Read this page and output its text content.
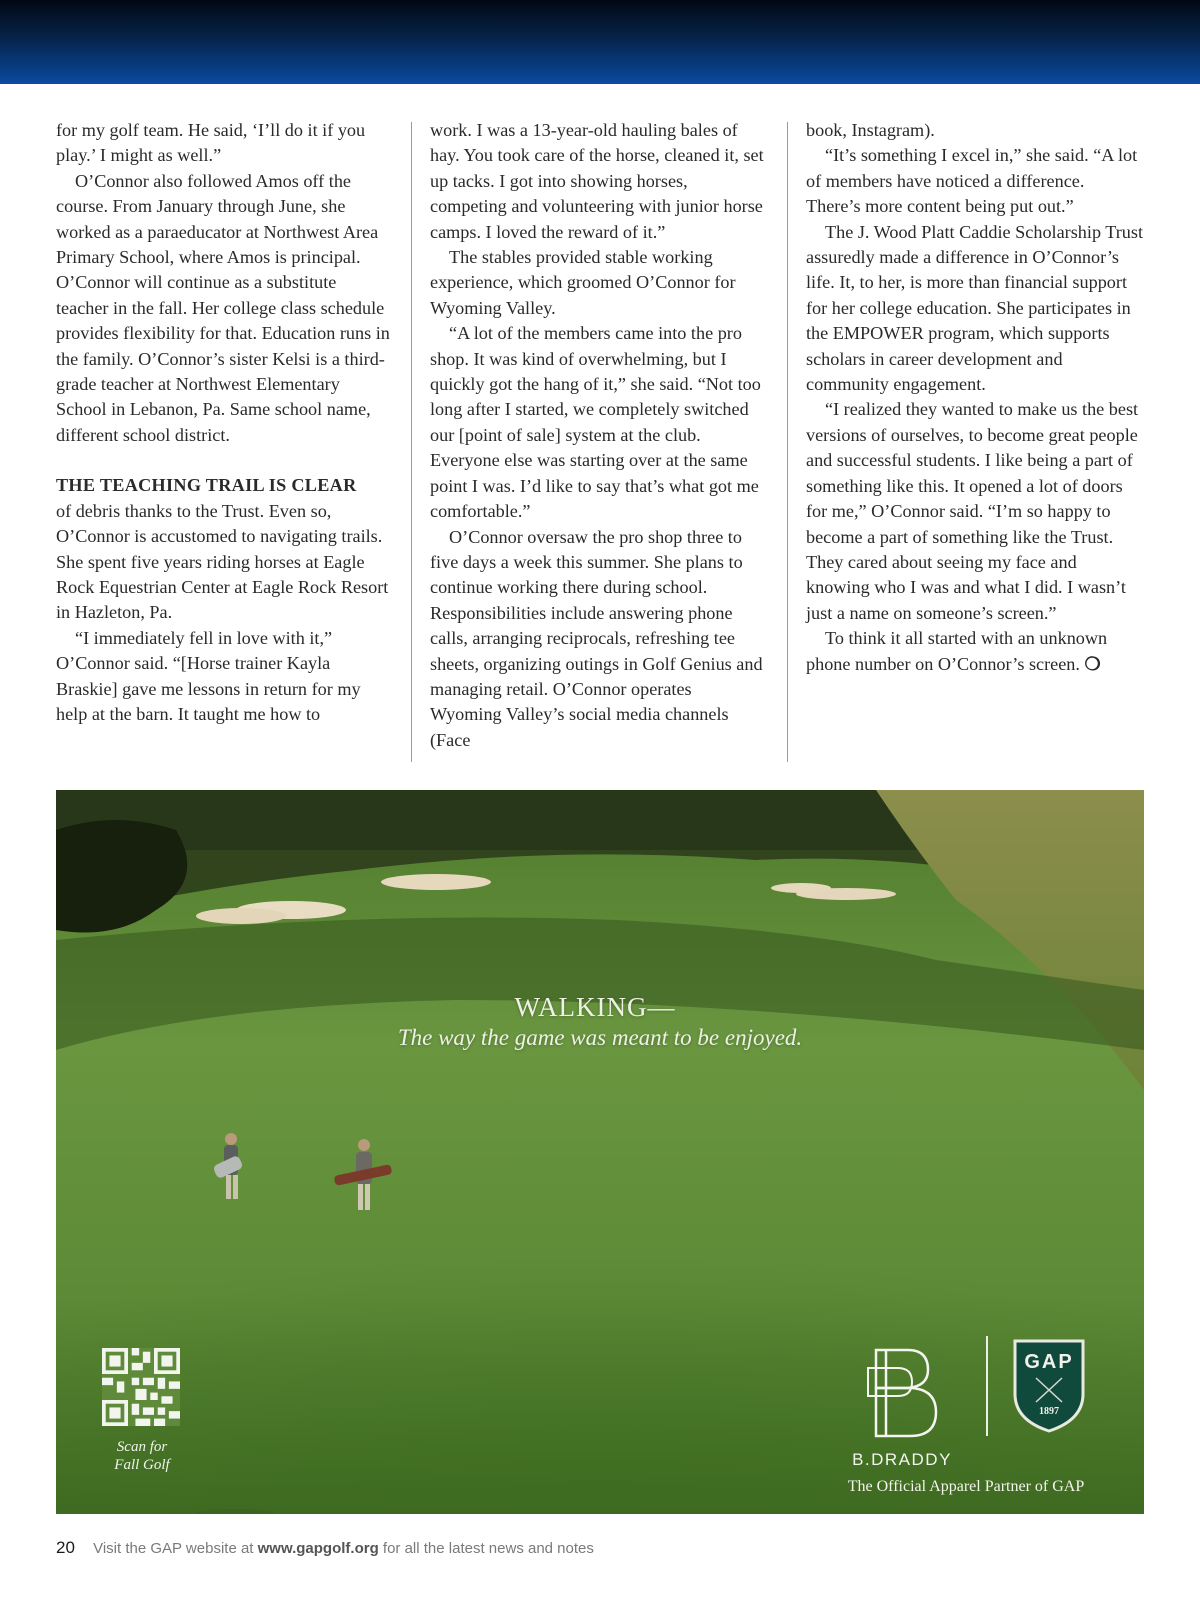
for my golf team. He said, ‘I’ll do it if you play.’ I might as well.”

O’Connor also followed Amos off the course. From January through June, she worked as a paraeducator at Northwest Area Primary School, where Amos is principal. O’Connor will continue as a substitute teacher in the fall. Her college class schedule provides flexibility for that. Education runs in the family. O’Connor’s sister Kelsi is a third-grade teacher at Northwest Elementary School in Lebanon, Pa. Same school name, different school district.

THE TEACHING TRAIL IS CLEAR
of debris thanks to the Trust. Even so, O’Connor is accustomed to navigating trails. She spent five years riding horses at Eagle Rock Equestrian Center at Eagle Rock Resort in Hazleton, Pa.

“I immediately fell in love with it,” O’Connor said. “[Horse trainer Kayla Braskie] gave me lessons in return for my help at the barn. It taught me how to

work. I was a 13-year-old hauling bales of hay. You took care of the horse, cleaned it, set up tacks. I got into showing horses, competing and volunteering with junior horse camps. I loved the reward of it.”

The stables provided stable working experience, which groomed O’Connor for Wyoming Valley.

“A lot of the members came into the pro shop. It was kind of overwhelming, but I quickly got the hang of it,” she said. “Not too long after I started, we completely switched our [point of sale] system at the club. Everyone else was starting over at the same point I was. I’d like to say that’s what got me comfortable.”

O’Connor oversaw the pro shop three to five days a week this summer. She plans to continue working there during school. Responsibilities include answering phone calls, arranging reciprocals, refreshing tee sheets, organizing outings in Golf Genius and managing retail. O’Connor operates Wyoming Valley’s social media channels (Face

book, Instagram).

“It’s something I excel in,” she said. “A lot of members have noticed a difference. There’s more content being put out.”

The J. Wood Platt Caddie Scholarship Trust assuredly made a difference in O’Connor’s life. It, to her, is more than financial support for her college education. She participates in the EMPOWER program, which supports scholars in career development and community engagement.

“I realized they wanted to make us the best versions of ourselves, to become great people and successful students. I like being a part of something like this. It opened a lot of doors for me,” O’Connor said. “I’m so happy to become a part of something like the Trust. They cared about seeing my face and knowing who I was and what I did. I wasn’t just a name on someone’s screen.”

To think it all started with an unknown phone number on O’Connor’s screen. ❍

WALKING—
The way the game was meant to be enjoyed.
Scan for
Fall Golf	B.DRADDY
GAP
1897
The Official Apparel Partner of GAP
20 Visit the GAP website at www.gapgolf.org for all the latest news and notes
